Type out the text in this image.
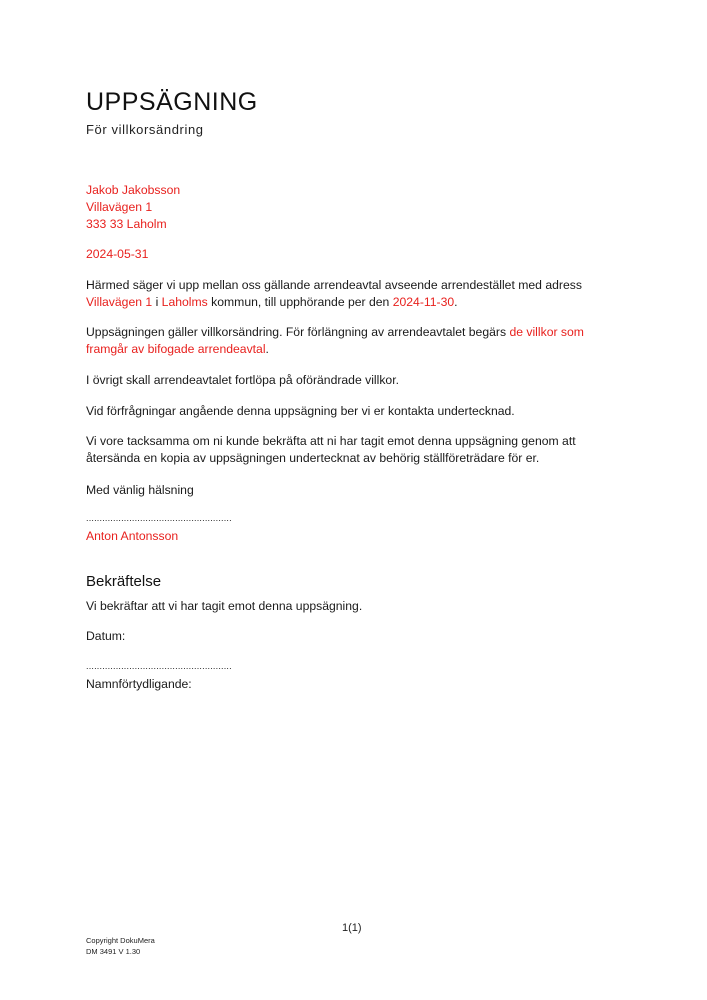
UPPSÄGNING
För villkorsändring
Jakob Jakobsson
Villavägen 1
333 33 Laholm
2024-05-31
Härmed säger vi upp mellan oss gällande arrendeavtal avseende arrendestället med adress
Villavägen 1 i Laholms kommun, till upphörande per den 2024-11-30.
Uppsägningen gäller villkorsändring. För förlängning av arrendeavtalet begärs de villkor som
framgår av bifogade arrendeavtal.
I övrigt skall arrendeavtalet fortlöpa på oförändrade villkor.
Vid förfrågningar angående denna uppsägning ber vi er kontakta undertecknad.
Vi vore tacksamma om ni kunde bekräfta att ni har tagit emot denna uppsägning genom att
återsända en kopia av uppsägningen undertecknat av behörig ställföreträdare för er.
Med vänlig hälsning
......................................................
Anton Antonsson
Bekräftelse
Vi bekräftar att vi har tagit emot denna uppsägning.
Datum:
......................................................
Namnförtydligande:
1(1)
Copyright DokuMera
DM 3491 V 1.30
